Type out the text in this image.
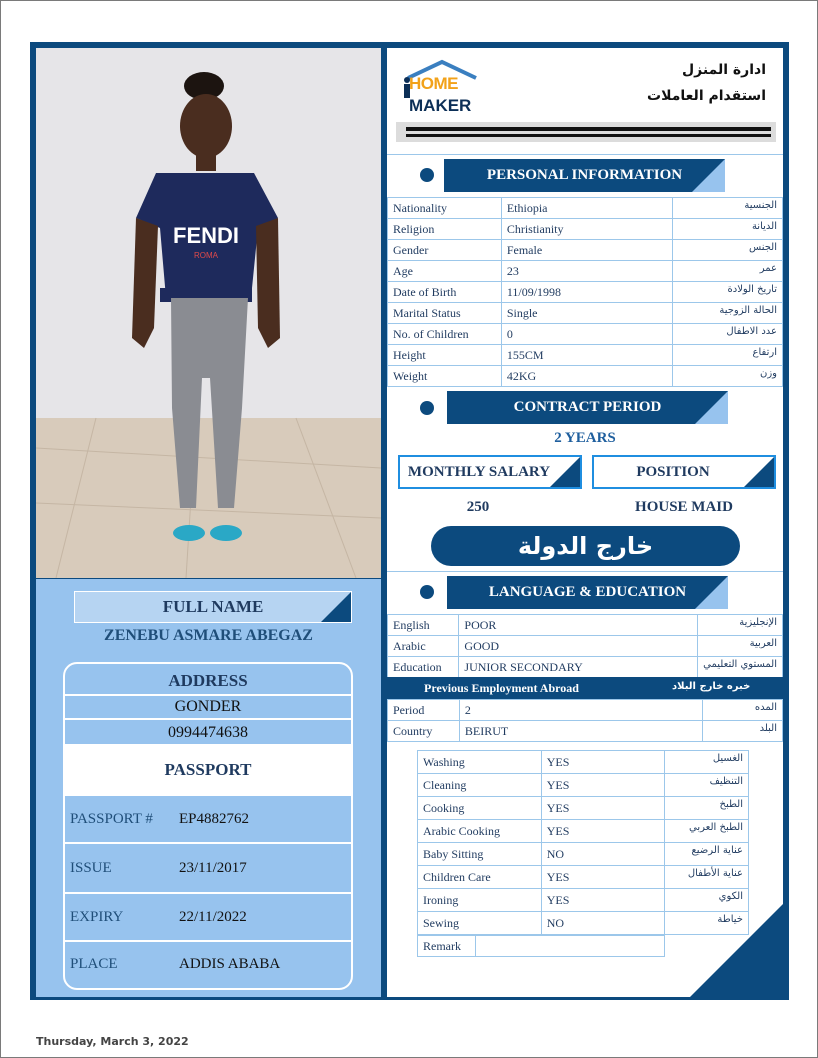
FENDI
ROMA
FULL NAME
ZENEBU ASMARE ABEGAZ
ADDRESS
GONDER
0994474638
PASSPORT
PASSPORT # EP4882762
ISSUE	23/11/2017
EXPIRY	22/11/2022
PLACE	ADDIS ABABA
HOME
MAKER
ادارة المنزل
استقدام العاملات
PERSONAL INFORMATION
Nationality	Ethiopia	الجنسية
Religion	Christianity	الديانة
Gender	Female	الجنس
Age	23	عمر
Date of Birth	11/09/1998	تاريخ الولادة
Marital Status	Single	الحالة الزوجية
No. of Children	0	عدد الاطفال
Height	155CM	ارتفاع
Weight	42KG	وزن
CONTRACT PERIOD
2 YEARS
MONTHLY SALARY	POSITION
250	HOUSE MAID
خارج الدولة
LANGUAGE & EDUCATION
English	POOR	الإنجليزية
Arabic	GOOD	العربية
Education	JUNIOR SECONDARY	المستوي التعليمي
Previous Employment Abroad	خبره خارج البلاد
Period	2	المده
Country	BEIRUT	البلد
Washing	YES	الغسيل
Cleaning	YES	التنظيف
Cooking	YES	الطبخ
Arabic Cooking	YES	الطبخ العربي
Baby Sitting	NO	عناية الرضيع
Children Care	YES	عناية الأطفال
Ironing	YES	الكوي
Sewing	NO	خياطة
Remark	
Thursday, March 3, 2022
